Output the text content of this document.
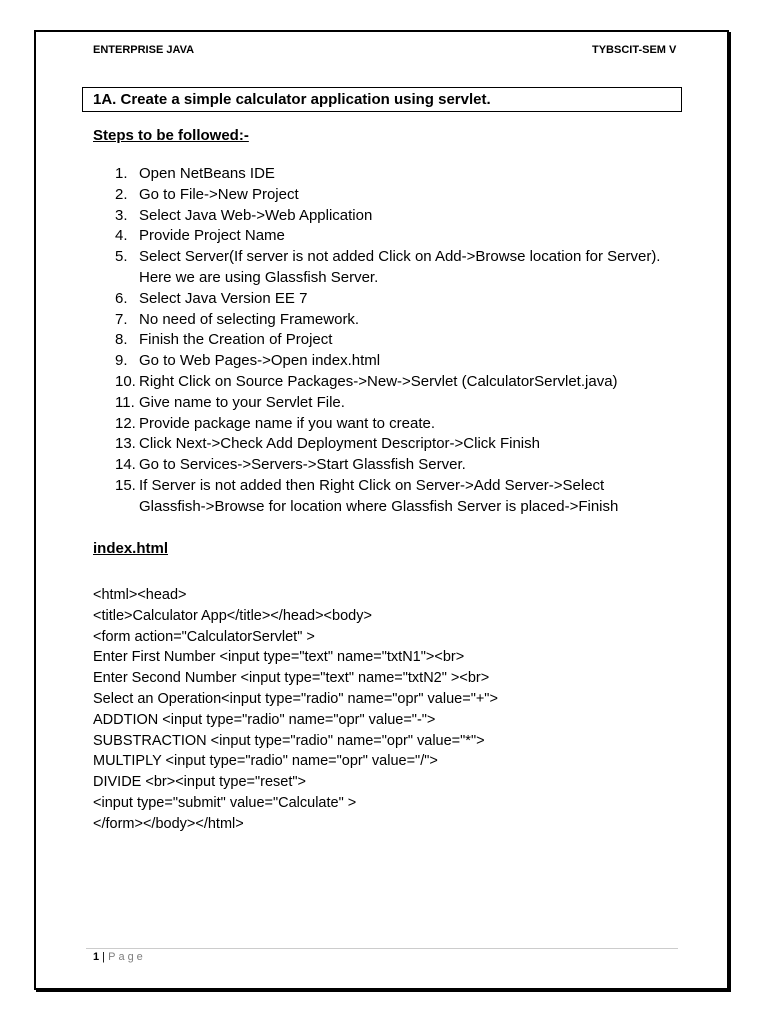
ENTERPRISE JAVA	TYBSCIT-SEM V
1A. Create a simple calculator application using servlet.
Steps to be followed:-
1. Open NetBeans IDE
2. Go to File->New Project
3. Select Java Web->Web Application
4. Provide Project Name
5. Select Server(If server is not added Click on Add->Browse location for Server). Here we are using Glassfish Server.
6. Select Java Version EE 7
7. No need of selecting Framework.
8. Finish the Creation of Project
9. Go to Web Pages->Open index.html
10. Right Click on Source Packages->New->Servlet (CalculatorServlet.java)
11. Give name to your Servlet File.
12. Provide package name if you want to create.
13. Click Next->Check Add Deployment Descriptor->Click Finish
14. Go to Services->Servers->Start Glassfish Server.
15. If Server is not added then Right Click on Server->Add Server->Select Glassfish->Browse for location where Glassfish Server is placed->Finish
index.html
<html><head>
<title>Calculator App</title></head><body>
<form action="CalculatorServlet" >
Enter First Number <input type="text" name="txtN1"><br>
Enter Second Number <input type="text" name="txtN2" ><br>
Select an Operation<input type="radio" name="opr" value="+">
ADDTION <input type="radio" name="opr" value="-">
SUBSTRACTION <input type="radio" name="opr" value="*">
MULTIPLY <input type="radio" name="opr" value="/">
DIVIDE <br><input type="reset">
<input type="submit" value="Calculate" >
</form></body></html>
1 | Page
